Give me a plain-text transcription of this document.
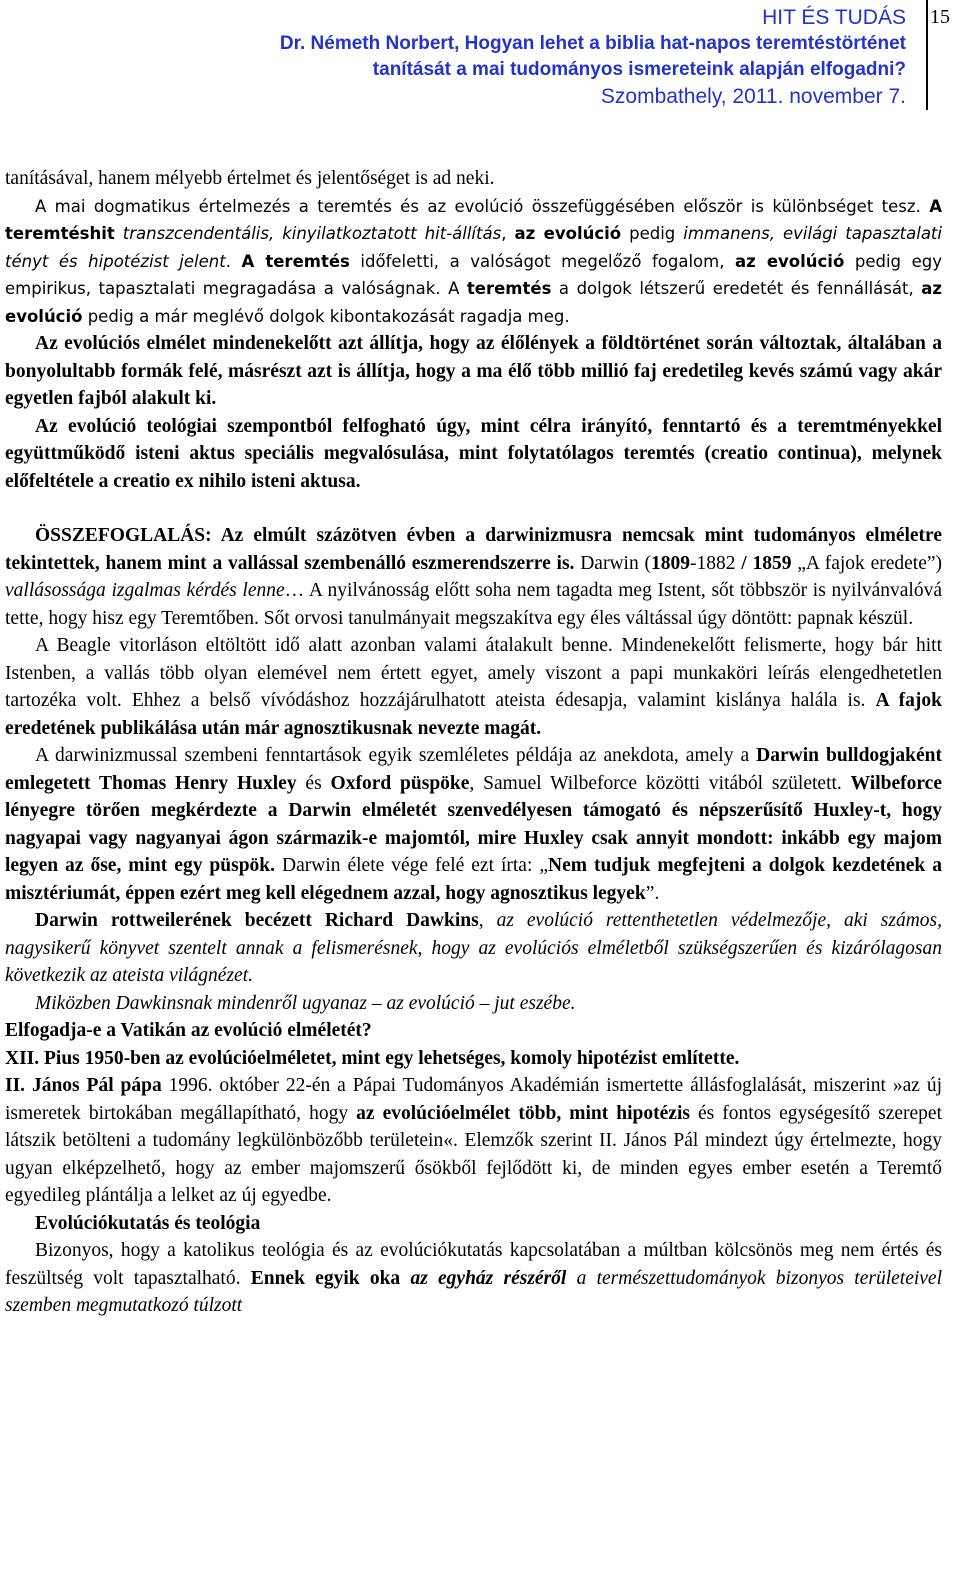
HIT ÉS TUDÁS
Dr. Németh Norbert, Hogyan lehet a biblia hat-napos teremtéstörténet
tanítását a mai tudományos ismereteink alapján elfogadni?
Szombathely, 2011. november 7.
15

tanításával, hanem mélyebb értelmet és jelentőséget is ad neki.

A mai dogmatikus értelmezés a teremtés és az evolúció összefüggésében először is különbséget tesz. A teremtéshit transzcendentális, kinyilatkoztatott hit-állítás, az evolúció pedig immanens, evilági tapasztalati tényt és hipotézist jelent. A teremtés időfeletti, a valóságot megelőző fogalom, az evolúció pedig egy empirikus, tapasztalati megragadása a valóságnak. A teremtés a dolgok létszerű eredetét és fennállását, az evolúció pedig a már meglévő dolgok kibontakozását ragadja meg.

Az evolúciós elmélet mindenekelőtt azt állítja, hogy az élőlények a földtörténet során változtak, általában a bonyolultabb formák felé, másrészt azt is állítja, hogy a ma élő több millió faj eredetileg kevés számú vagy akár egyetlen fajból alakult ki.

Az evolúció teológiai szempontból felfogható úgy, mint célra irányító, fenntartó és a teremtményekkel együttműködő isteni aktus speciális megvalósulása, mint folytatólagos teremtés (creatio continua), melynek előfeltétele a creatio ex nihilo isteni aktusa.

ÖSSZEFOGLALÁS: Az elmúlt százötven évben a darwinizmusra nemcsak mint tudományos elméletre tekintettek, hanem mint a vallással szembenálló eszmerendszerre is. Darwin (1809-1882 / 1859 „A fajok eredete”) vallásossága izgalmas kérdés lenne… A nyilvánosság előtt soha nem tagadta meg Istent, sőt többször is nyilvánvalóvá tette, hogy hisz egy Teremtőben. Sőt orvosi tanulmányait megszakítva egy éles váltással úgy döntött: papnak készül.

A Beagle vitorláson eltöltött idő alatt azonban valami átalakult benne. Mindenekelőtt felismerte, hogy bár hitt Istenben, a vallás több olyan elemével nem értett egyet, amely viszont a papi munkaköri leírás elengedhetetlen tartozéka volt. Ehhez a belső vívódáshoz hozzájárulhatott ateista édesapja, valamint kislánya halála is. A fajok eredetének publikálása után már agnosztikusnak nevezte magát.

A darwinizmussal szembeni fenntartások egyik szemléletes példája az anekdota, amely a Darwin bulldogjaként emlegetett Thomas Henry Huxley és Oxford püspöke, Samuel Wilbeforce közötti vitából született. Wilbeforce lényegre törően megkérdezte a Darwin elméletét szenvedélyesen támogató és népszerűsítő Huxley-t, hogy nagyapai vagy nagyanyai ágon származik-e majomtól, mire Huxley csak annyit mondott: inkább egy majom legyen az őse, mint egy püspök. Darwin élete vége felé ezt írta: „Nem tudjuk megfejteni a dolgok kezdetének a misztériumát, éppen ezért meg kell elégednem azzal, hogy agnosztikus legyek”.

Darwin rottweilerének becézett Richard Dawkins, az evolúció rettenthetetlen védelmezője, aki számos, nagysikerű könyvet szentelt annak a felismerésnek, hogy az evolúciós elméletből szükségszerűen és kizárólagosan következik az ateista világnézet.

Miközben Dawkinsnak mindenről ugyanaz – az evolúció – jut eszébe.

Elfogadja-e a Vatikán az evolúció elméletét?

XII. Pius 1950-ben az evolúcióelméletet, mint egy lehetséges, komoly hipotézist említette.

II. János Pál pápa 1996. október 22-én a Pápai Tudományos Akadémián ismertette állásfoglalását, miszerint »az új ismeretek birtokában megállapítható, hogy az evolúcióelmélet több, mint hipotézis és fontos egységesítő szerepet látszik betölteni a tudomány legkülönbözőbb területein«. Elemzők szerint II. János Pál mindezt úgy értelmezte, hogy ugyan elképzelhető, hogy az ember majomszerű ősökből fejlődött ki, de minden egyes ember esetén a Teremtő egyedileg plántálja a lelket az új egyedbe.

Evolúciókutatás és teológia

Bizonyos, hogy a katolikus teológia és az evolúciókutatás kapcsolatában a múltban kölcsönös meg nem értés és feszültség volt tapasztalható. Ennek egyik oka az egyház részéről a természettudományok bizonyos területeivel szemben megmutatkozó túlzott
